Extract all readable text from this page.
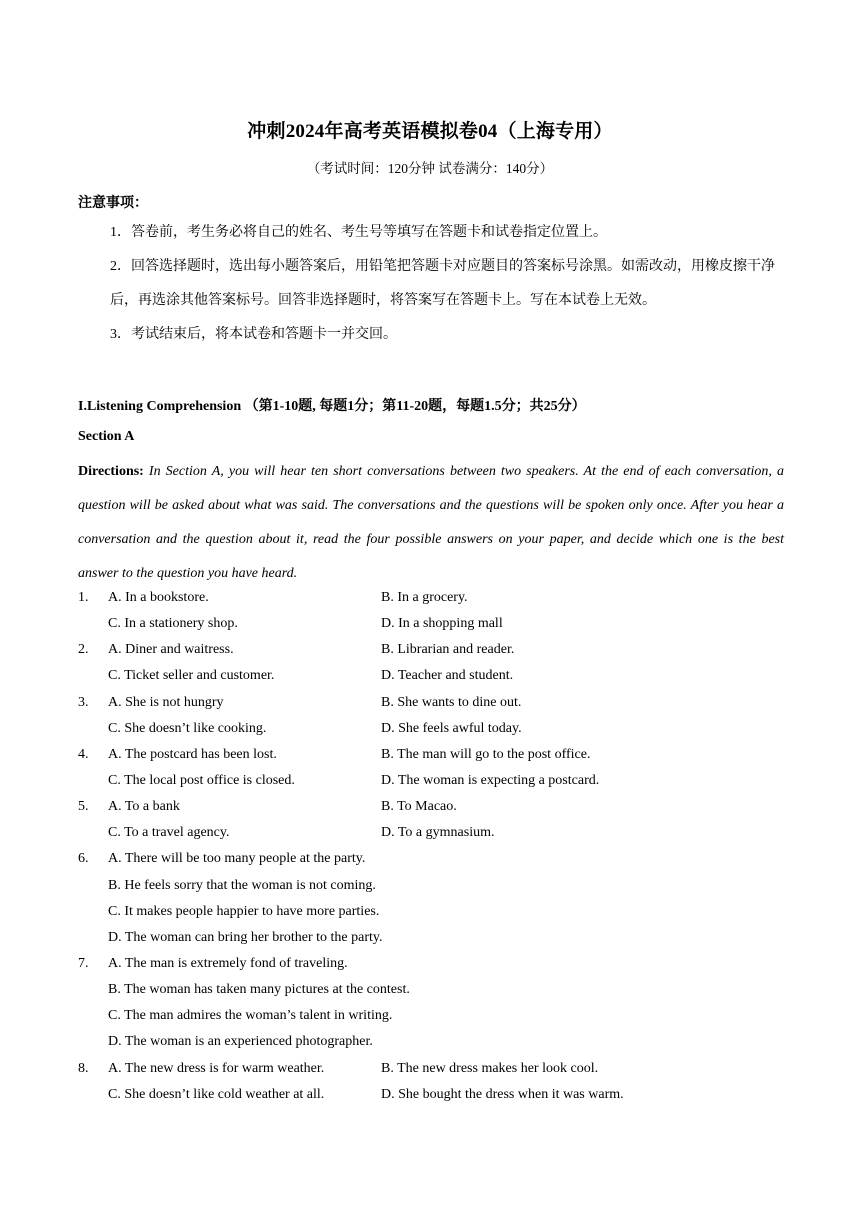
冲刺2024年高考英语模拟卷04（上海专用）
（考试时间：120分钟 试卷满分：140分）
注意事项：
1．答卷前，考生务必将自己的姓名、考生号等填写在答题卡和试卷指定位置上。
2．回答选择题时，选出每小题答案后，用铅笔把答题卡对应题目的答案标号涂黑。如需改动，用橡皮擦干净后，再选涂其他答案标号。回答非选择题时，将答案写在答题卡上。写在本试卷上无效。
3．考试结束后，将本试卷和答题卡一并交回。
I.Listening Comprehension （第1-10题, 每题1分；第11-20题，每题1.5分；共25分）
Section A
Directions: In Section A, you will hear ten short conversations between two speakers. At the end of each conversation, a question will be asked about what was said. The conversations and the questions will be spoken only once. After you hear a conversation and the question about it, read the four possible answers on your paper, and decide which one is the best answer to the question you have heard.
1. A. In a bookstore.	B. In a grocery.
C. In a stationery shop.	D. In a shopping mall
2. A. Diner and waitress.	B. Librarian and reader.
C. Ticket seller and customer.	D. Teacher and student.
3. A. She is not hungry	B. She wants to dine out.
C. She doesn’t like cooking.	D. She feels awful today.
4. A. The postcard has been lost.	B. The man will go to the post office.
C. The local post office is closed.	D. The woman is expecting a postcard.
5. A. To a bank	B. To Macao.
C. To a travel agency.	D. To a gymnasium.
6. A. There will be too many people at the party.
B. He feels sorry that the woman is not coming.
C. It makes people happier to have more parties.
D. The woman can bring her brother to the party.
7. A. The man is extremely fond of traveling.
B. The woman has taken many pictures at the contest.
C. The man admires the woman’s talent in writing.
D. The woman is an experienced photographer.
8. A. The new dress is for warm weather.	B. The new dress makes her look cool.
C. She doesn’t like cold weather at all.	D. She bought the dress when it was warm.
